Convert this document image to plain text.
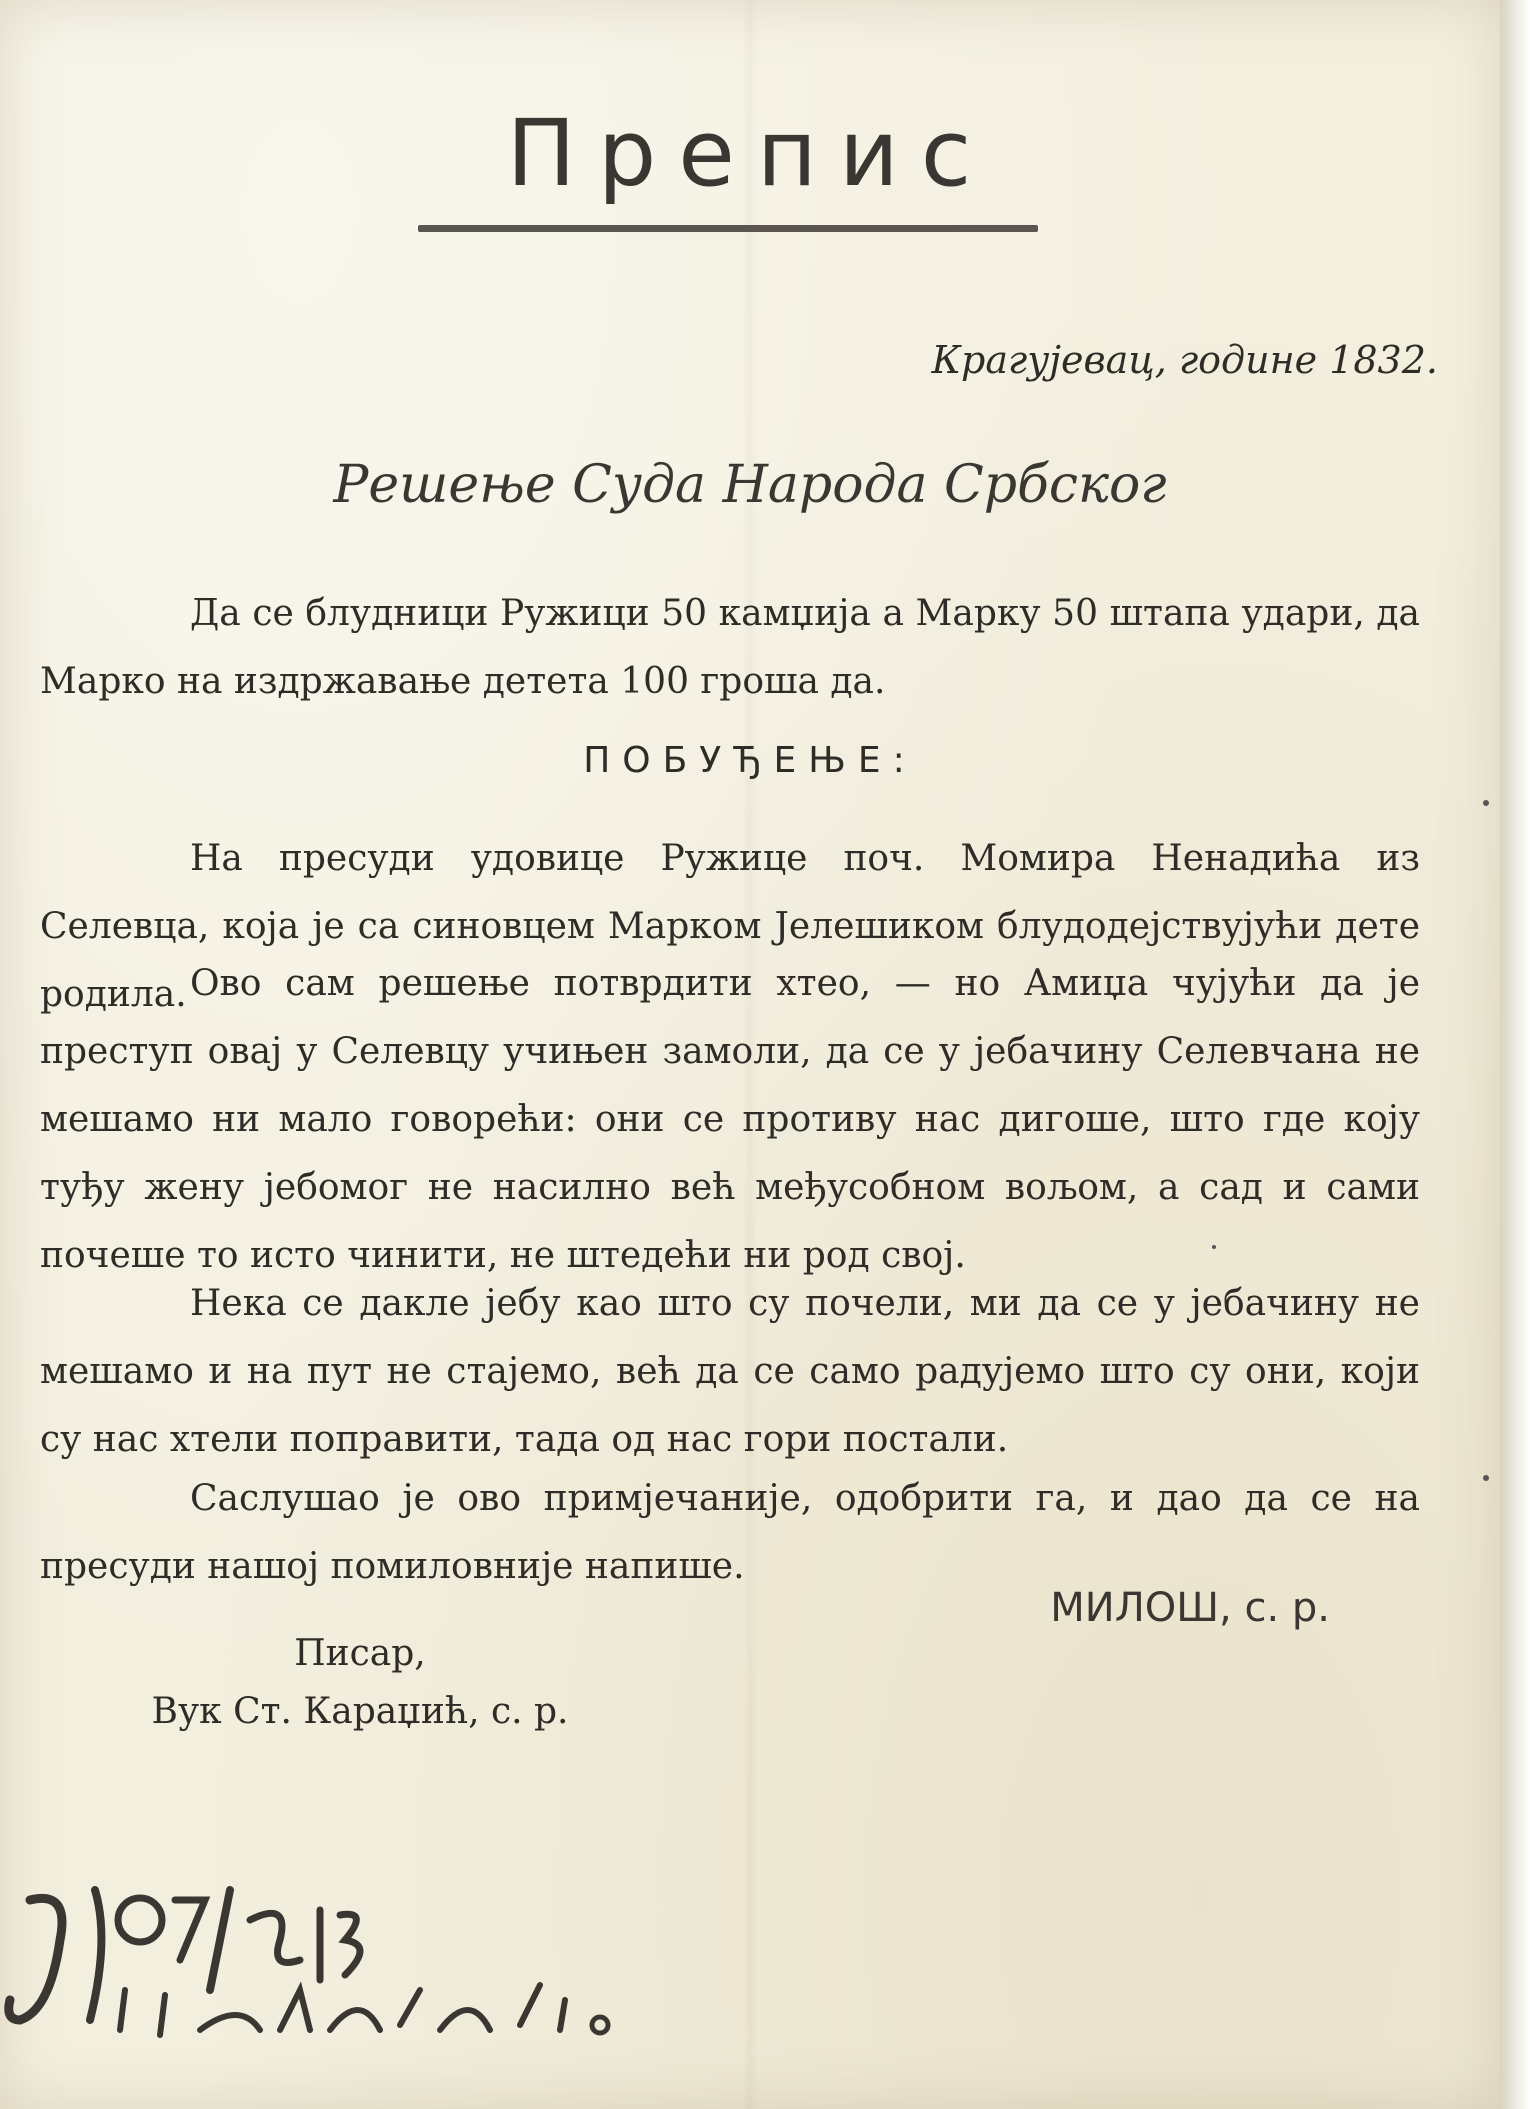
Препис
Крагујевац, године 1832.
Решење Суда Народа Србског

Да се блудници Ружици 50 камџија а Марку 50 штапа удари, да Марко на издржавање детета 100 гроша да.

ПОБУЂЕЊЕ:

На пресуди удовице Ружице поч. Момира Ненадића из Селевца, која је са синовцем Марком Јелешиком блудодејствујући дете родила. Ово сам решење потврдити хтео, — но Амиџа чујући да је преступ овај у Селевцу учињен замоли, да се у јебачину Селевчана не мешамо ни мало говорећи: они се противу нас дигоше, што где коју туђу жену јебомог не насилно већ међусобном вољом, а сад и сами почеше то исто чинити, не штедећи ни род свој.

Нека се дакле јебу као што су почели, ми да се у јебачину не мешамо и на пут не стајемо, већ да се само радујемо што су они, који су нас хтели поправити, тада од нас гори постали.

Саслушао је ово примјечаније, одобрити га, и дао да се на пресуди нашој помиловније напише.

МИЛОШ, с. р.
Писар,
Вук Ст. Караџић, с. р.
